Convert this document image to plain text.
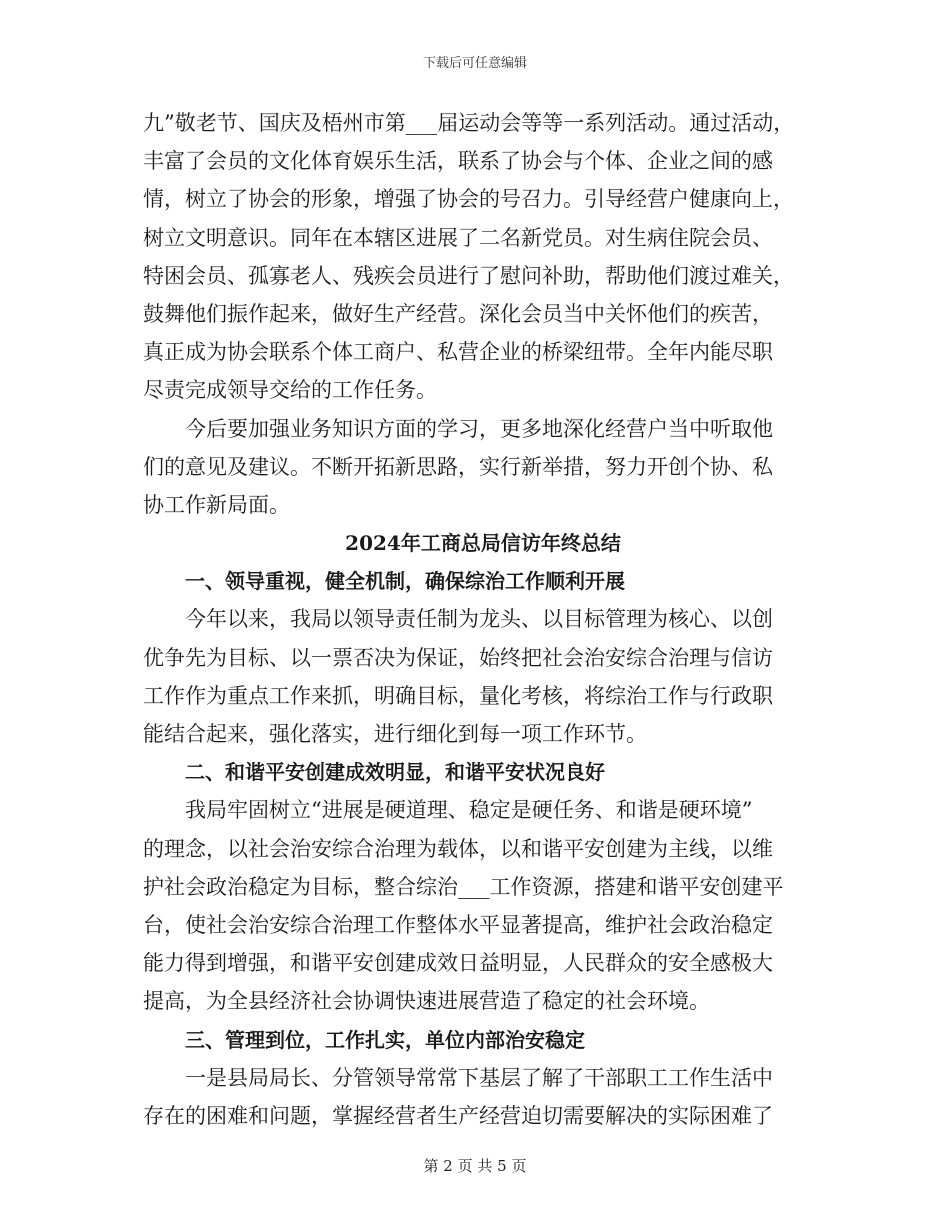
下载后可任意编辑
九”敬老节、国庆及梧州市第___届运动会等等一系列活动。通过活动，
丰富了会员的文化体育娱乐生活，联系了协会与个体、企业之间的感
情，树立了协会的形象，增强了协会的号召力。引导经营户健康向上，
树立文明意识。同年在本辖区进展了二名新党员。对生病住院会员、
特困会员、孤寡老人、残疾会员进行了慰问补助，帮助他们渡过难关，
鼓舞他们振作起来，做好生产经营。深化会员当中关怀他们的疾苦，
真正成为协会联系个体工商户、私营企业的桥梁纽带。全年内能尽职
尽责完成领导交给的工作任务。
今后要加强业务知识方面的学习，更多地深化经营户当中听取他
们的意见及建议。不断开拓新思路，实行新举措，努力开创个协、私
协工作新局面。
2024年工商总局信访年终总结
一、领导重视，健全机制，确保综治工作顺利开展
今年以来，我局以领导责任制为龙头、以目标管理为核心、以创
优争先为目标、以一票否决为保证，始终把社会治安综合治理与信访
工作作为重点工作来抓，明确目标，量化考核，将综治工作与行政职
能结合起来，强化落实，进行细化到每一项工作环节。
二、和谐平安创建成效明显，和谐平安状况良好
我局牢固树立“进展是硬道理、稳定是硬任务、和谐是硬环境”
的理念，以社会治安综合治理为载体，以和谐平安创建为主线，以维
护社会政治稳定为目标，整合综治___工作资源，搭建和谐平安创建平
台，使社会治安综合治理工作整体水平显著提高，维护社会政治稳定
能力得到增强，和谐平安创建成效日益明显，人民群众的安全感极大
提高，为全县经济社会协调快速进展营造了稳定的社会环境。
三、管理到位，工作扎实，单位内部治安稳定
一是县局局长、分管领导常常下基层了解了干部职工工作生活中
存在的困难和问题，掌握经营者生产经营迫切需要解决的实际困难了
第 2 页 共 5 页
